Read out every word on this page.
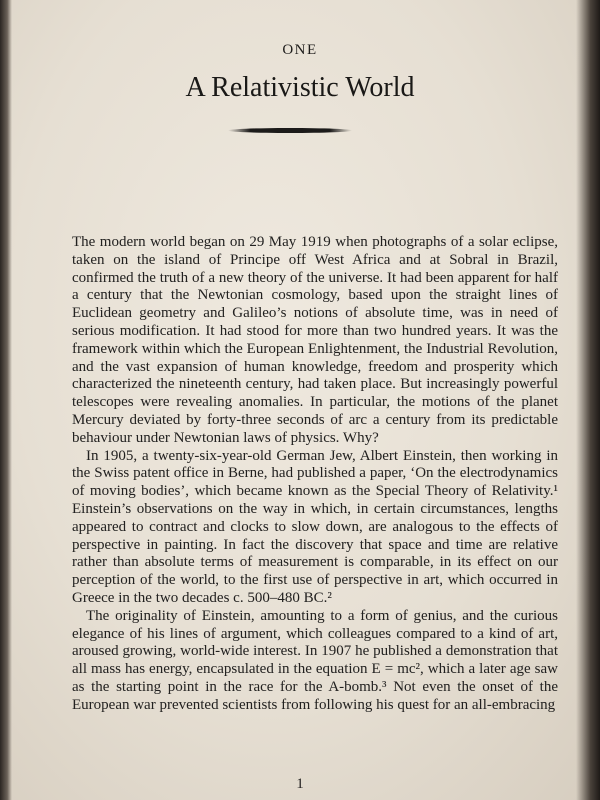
ONE
A Relativistic World

The modern world began on 29 May 1919 when photographs of a solar eclipse, taken on the island of Principe off West Africa and at Sobral in Brazil, confirmed the truth of a new theory of the universe. It had been apparent for half a century that the Newtonian cosmology, based upon the straight lines of Euclidean geometry and Galileo’s notions of absolute time, was in need of serious modification. It had stood for more than two hundred years. It was the framework within which the European Enlightenment, the Industrial Revolution, and the vast expansion of human knowledge, freedom and prosperity which characterized the nineteenth century, had taken place. But increasingly powerful telescopes were revealing anomalies. In particular, the motions of the planet Mercury deviated by forty-three seconds of arc a century from its predictable behaviour under Newtonian laws of physics. Why?

In 1905, a twenty-six-year-old German Jew, Albert Einstein, then working in the Swiss patent office in Berne, had published a paper, ‘On the electrodynamics of moving bodies’, which became known as the Special Theory of Relativity.¹ Einstein’s observations on the way in which, in certain circumstances, lengths appeared to contract and clocks to slow down, are analogous to the effects of perspective in painting. In fact the discovery that space and time are relative rather than absolute terms of measurement is comparable, in its effect on our perception of the world, to the first use of perspective in art, which occurred in Greece in the two decades c. 500–480 BC.²

The originality of Einstein, amounting to a form of genius, and the curious elegance of his lines of argument, which colleagues compared to a kind of art, aroused growing, world-wide interest. In 1907 he published a demonstration that all mass has energy, encapsulated in the equation E = mc², which a later age saw as the starting point in the race for the A-bomb.³ Not even the onset of the European war prevented scientists from following his quest for an all-embracing

1
